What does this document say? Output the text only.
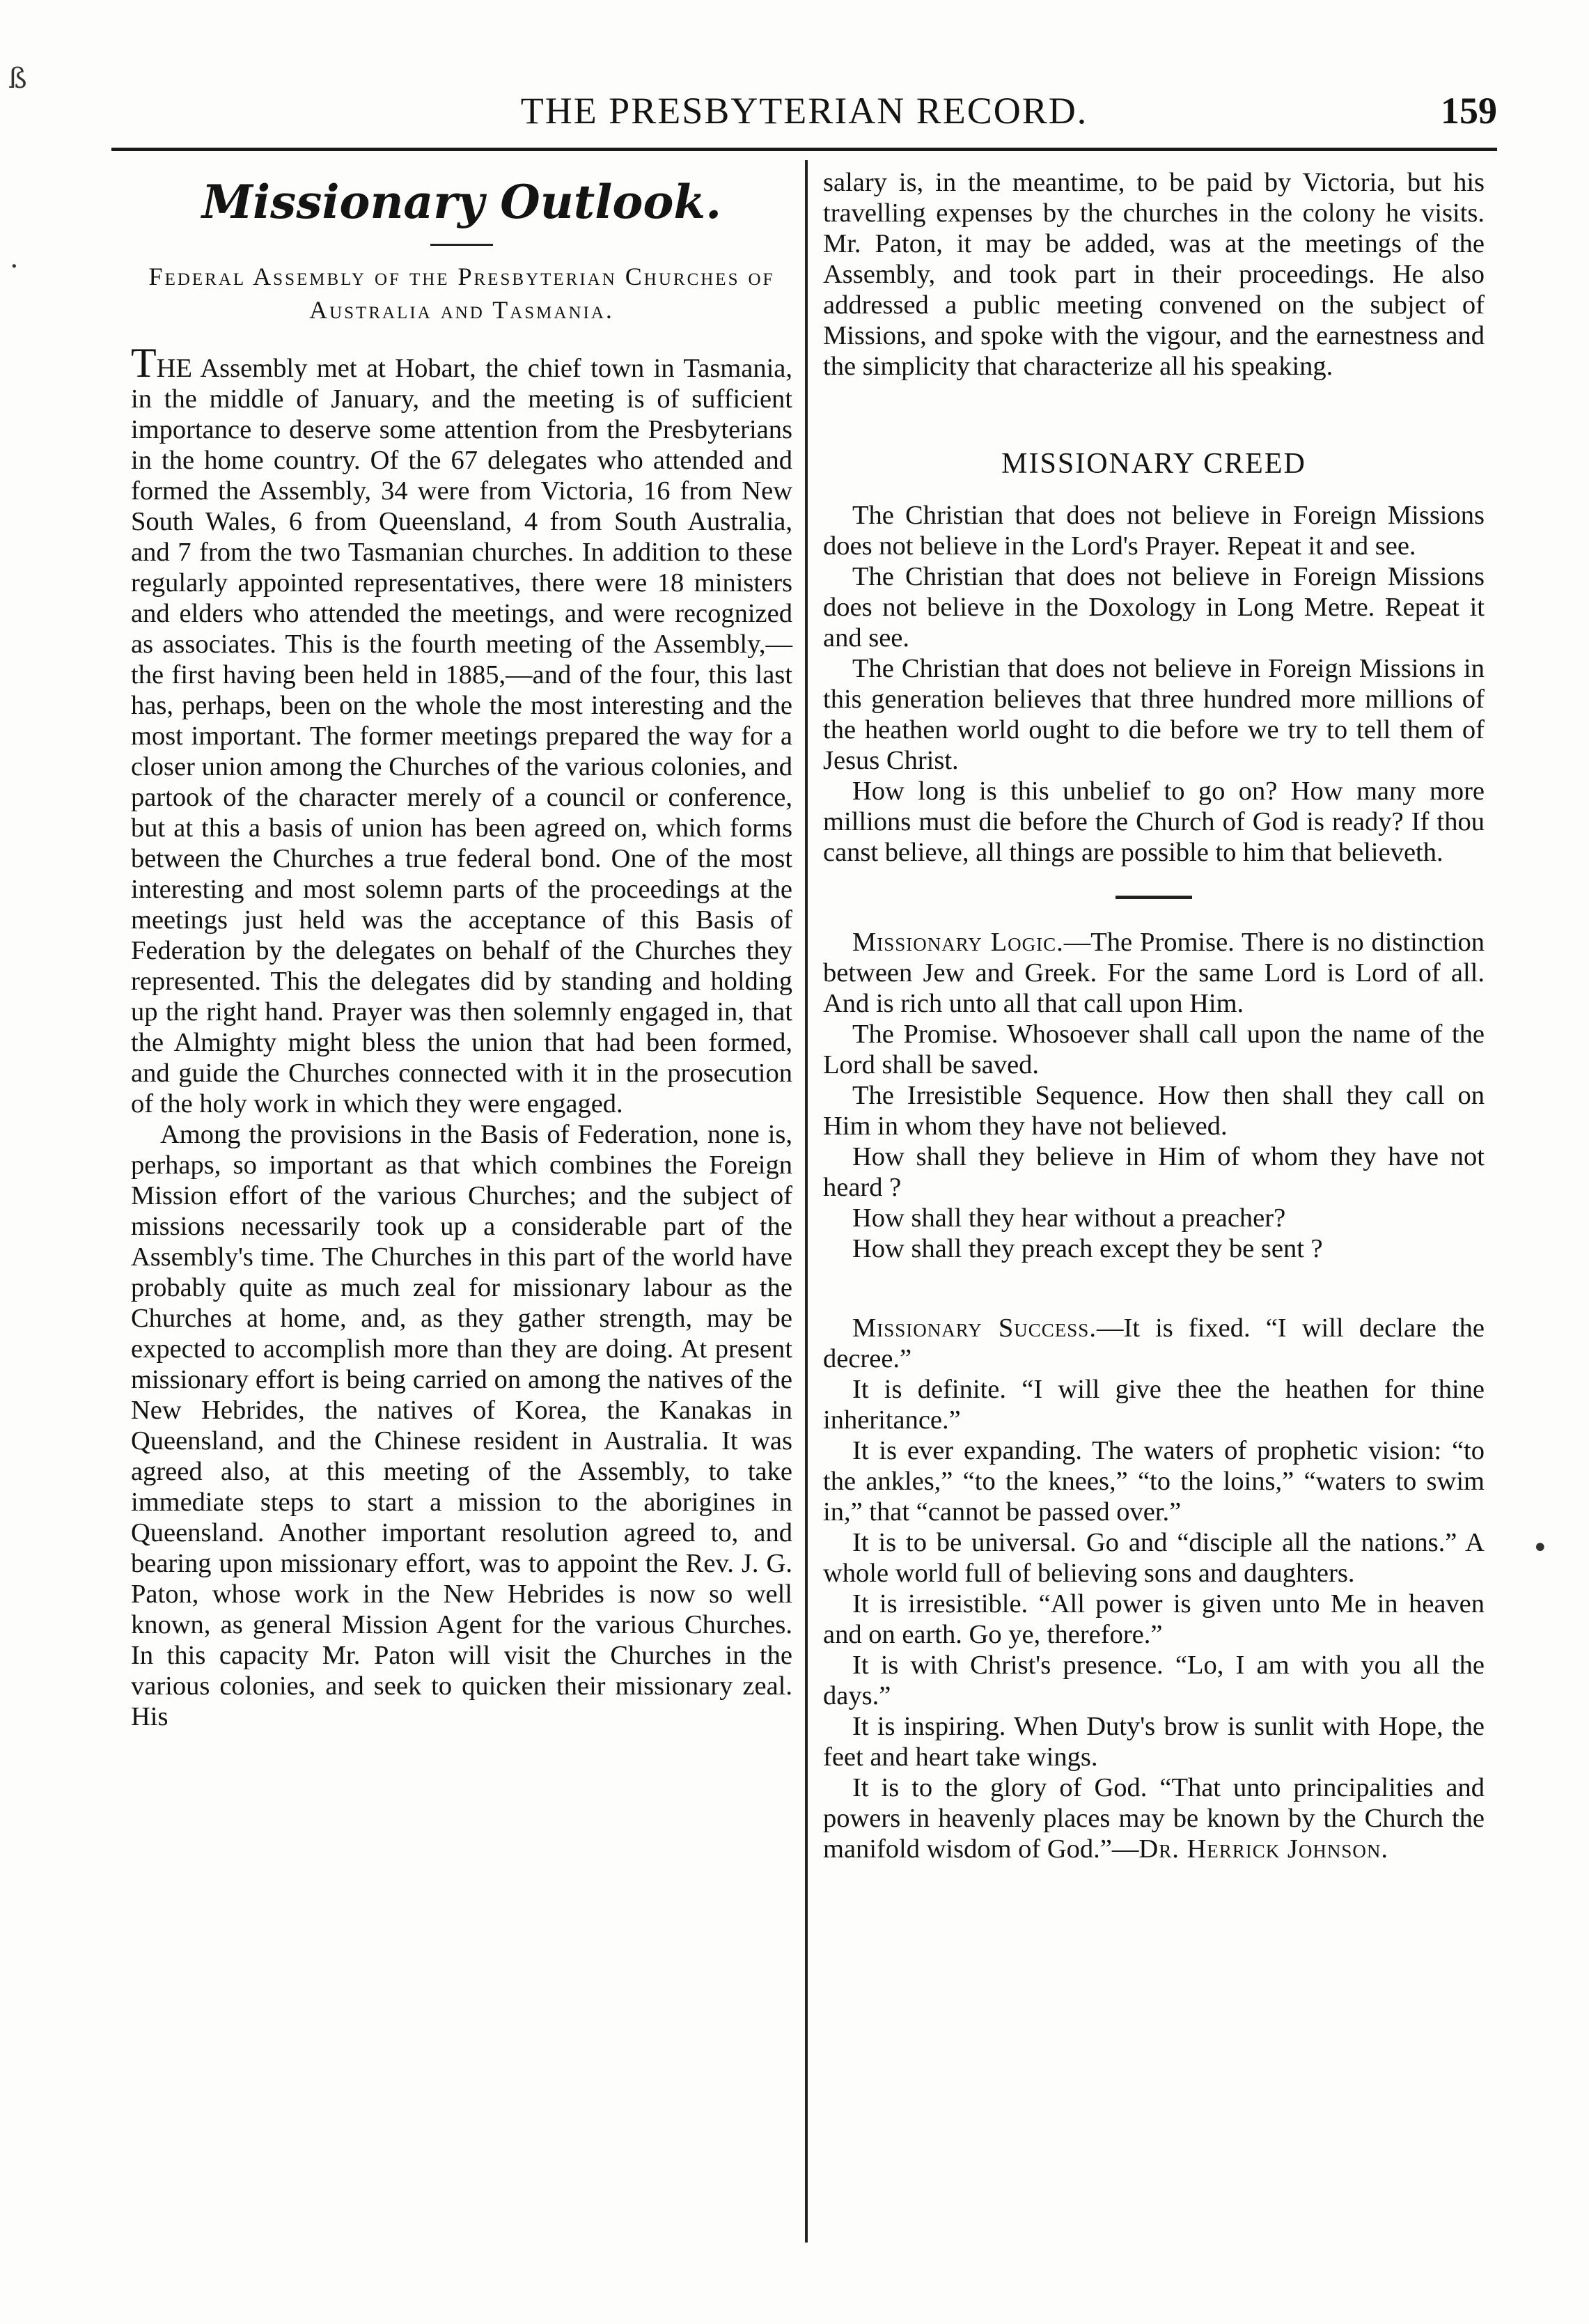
THE PRESBYTERIAN RECORD.	159
Missionary Outlook.
Federal Assembly of the Presbyterian Churches of Australia and Tasmania.

THE Assembly met at Hobart, the chief town in Tasmania, in the middle of January, and the meeting is of sufficient importance to deserve some attention from the Presbyterians in the home country. Of the 67 delegates who attended and formed the Assembly, 34 were from Victoria, 16 from New South Wales, 6 from Queensland, 4 from South Australia, and 7 from the two Tasmanian churches. In addition to these regularly appointed representatives, there were 18 ministers and elders who attended the meetings, and were recognized as associates. This is the fourth meeting of the Assembly,—the first having been held in 1885,—and of the four, this last has, perhaps, been on the whole the most interesting and the most important. The former meetings prepared the way for a closer union among the Churches of the various colonies, and partook of the character merely of a council or conference, but at this a basis of union has been agreed on, which forms between the Churches a true federal bond. One of the most interesting and most solemn parts of the proceedings at the meetings just held was the acceptance of this Basis of Federation by the delegates on behalf of the Churches they represented. This the delegates did by standing and holding up the right hand. Prayer was then solemnly engaged in, that the Almighty might bless the union that had been formed, and guide the Churches connected with it in the prosecution of the holy work in which they were engaged.

Among the provisions in the Basis of Federation, none is, perhaps, so important as that which combines the Foreign Mission effort of the various Churches; and the subject of missions necessarily took up a considerable part of the Assembly's time. The Churches in this part of the world have probably quite as much zeal for missionary labour as the Churches at home, and, as they gather strength, may be expected to accomplish more than they are doing. At present missionary effort is being carried on among the natives of the New Hebrides, the natives of Korea, the Kanakas in Queensland, and the Chinese resident in Australia. It was agreed also, at this meeting of the Assembly, to take immediate steps to start a mission to the aborigines in Queensland. Another important resolution agreed to, and bearing upon missionary effort, was to appoint the Rev. J. G. Paton, whose work in the New Hebrides is now so well known, as general Mission Agent for the various Churches. In this capacity Mr. Paton will visit the Churches in the various colonies, and seek to quicken their missionary zeal. His

salary is, in the meantime, to be paid by Victoria, but his travelling expenses by the churches in the colony he visits. Mr. Paton, it may be added, was at the meetings of the Assembly, and took part in their proceedings. He also addressed a public meeting convened on the subject of Missions, and spoke with the vigour, and the earnestness and the simplicity that characterize all his speaking.

MISSIONARY CREED

The Christian that does not believe in Foreign Missions does not believe in the Lord's Prayer. Repeat it and see.

The Christian that does not believe in Foreign Missions does not believe in the Doxology in Long Metre. Repeat it and see.

The Christian that does not believe in Foreign Missions in this generation believes that three hundred more millions of the heathen world ought to die before we try to tell them of Jesus Christ.

How long is this unbelief to go on? How many more millions must die before the Church of God is ready? If thou canst believe, all things are possible to him that believeth.

Missionary Logic.—The Promise. There is no distinction between Jew and Greek. For the same Lord is Lord of all. And is rich unto all that call upon Him.

The Promise. Whosoever shall call upon the name of the Lord shall be saved.

The Irresistible Sequence. How then shall they call on Him in whom they have not believed.

How shall they believe in Him of whom they have not heard ?

How shall they hear without a preacher?

How shall they preach except they be sent ?

Missionary Success.—It is fixed. “I will declare the decree.”

It is definite. “I will give thee the heathen for thine inheritance.”

It is ever expanding. The waters of prophetic vision: “to the ankles,” “to the knees,” “to the loins,” “waters to swim in,” that “cannot be passed over.”

It is to be universal. Go and “disciple all the nations.” A whole world full of believing sons and daughters.

It is irresistible. “All power is given unto Me in heaven and on earth. Go ye, therefore.”

It is with Christ's presence. “Lo, I am with you all the days.”

It is inspiring. When Duty's brow is sunlit with Hope, the feet and heart take wings.

It is to the glory of God. “That unto principalities and powers in heavenly places may be known by the Church the manifold wisdom of God.”—Dr. Herrick Johnson.

ß
·
•
